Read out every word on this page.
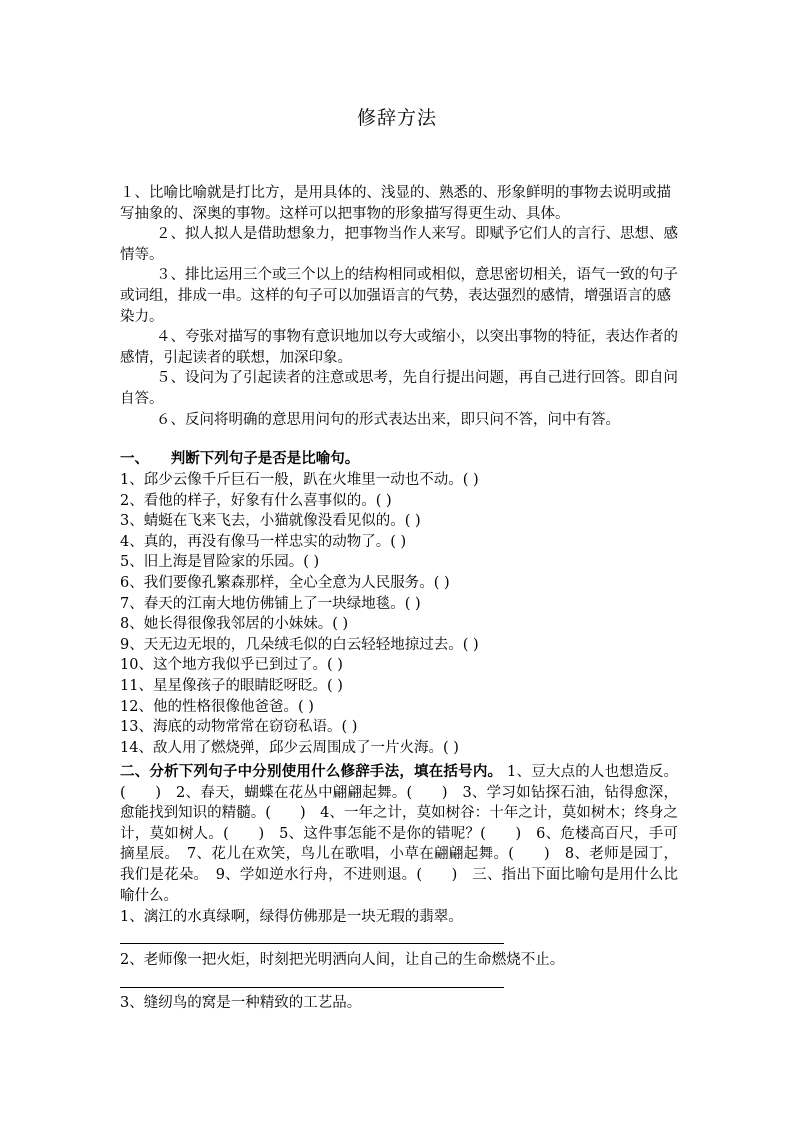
修辞方法

１、比喻比喻就是打比方，是用具体的、浅显的、熟悉的、形象鲜明的事物去说明或描写抽象的、深奥的事物。这样可以把事物的形象描写得更生动、具体。

２、拟人拟人是借助想象力，把事物当作人来写。即赋予它们人的言行、思想、感情等。

３、排比运用三个或三个以上的结构相同或相似，意思密切相关，语气一致的句子或词组，排成一串。这样的句子可以加强语言的气势，表达强烈的感情，增强语言的感染力。

４、夸张对描写的事物有意识地加以夸大或缩小，以突出事物的特征，表达作者的感情，引起读者的联想，加深印象。

５、设问为了引起读者的注意或思考，先自行提出问题，再自己进行回答。即自问自答。

６、反问将明确的意思用问句的形式表达出来，即只问不答，问中有答。

一、　　判断下列句子是否是比喻句。
1、邱少云像千斤巨石一般，趴在火堆里一动也不动。( )
2、看他的样子，好象有什么喜事似的。( )
3、蜻蜓在飞来飞去，小猫就像没看见似的。( )
4、真的，再没有像马一样忠实的动物了。( )
5、旧上海是冒险家的乐园。( )
6、我们要像孔繁森那样，全心全意为人民服务。( )
7、春天的江南大地仿佛铺上了一块绿地毯。( )
8、她长得很像我邻居的小妹妹。( )
9、天无边无垠的，几朵绒毛似的白云轻轻地掠过去。( )
10、这个地方我似乎已到过了。( )
11、星星像孩子的眼睛眨呀眨。( )
12、他的性格很像他爸爸。( )
13、海底的动物常常在窃窃私语。( )
14、敌人用了燃烧弹，邱少云周围成了一片火海。( )
二、分析下列句子中分别使用什么修辞手法，填在括号内。 1、豆大点的人也想造反。(　　)　2、春天，蝴蝶在花丛中翩翩起舞。(　　)　3、学习如钻探石油，钻得愈深，愈能找到知识的精髓。(　　)　4、一年之计，莫如树谷：十年之计，莫如树木；终身之计，莫如树人。(　　)　5、这件事怎能不是你的错呢？(　　)　6、危楼高百尺，手可摘星辰。　7、花儿在欢笑，鸟儿在歌唱，小草在翩翩起舞。(　　)　8、老师是园丁，我们是花朵。　9、学如逆水行舟，不进则退。(　　)　三、指出下面比喻句是用什么比喻什么。
1、漓江的水真绿啊，绿得仿佛那是一块无瑕的翡翠。
2、老师像一把火炬，时刻把光明洒向人间，让自己的生命燃烧不止。
3、缝纫鸟的窝是一种精致的工艺品。
